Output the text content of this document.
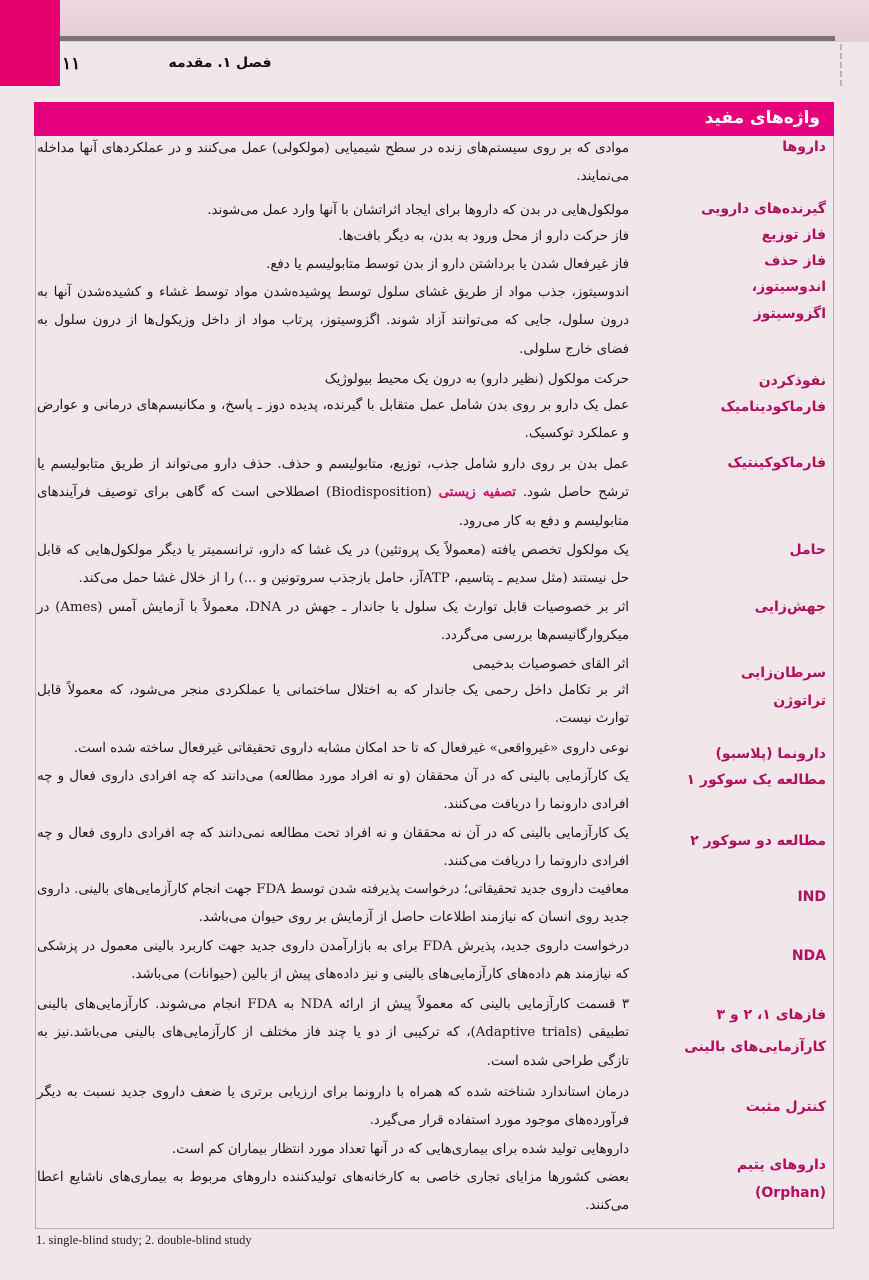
۱۱	فصل ۱. مقدمه
واژه‌های مفید
داروها
گیرنده‌های دارویی
فاز توزیع
فاز حذف
اندوسیتوز، اگزوسیتوز
نفوذکردن
فارماکودینامیک
فارماکوکینتیک
حامل
جهش‌زایی
سرطان‌زایی
تراتوژن
دارونما (پلاسبو)
مطالعه یک سوکور ۱
مطالعه دو سوکور ۲
IND
NDA
فازهای ۱، ۲ و ۳
کارآزمایی‌های بالینی
کنترل مثبت
داروهای یتیم
(Orphan)
موادی که بر روی سیستم‌های زنده در سطح شیمیایی (مولکولی) عمل می‌کنند و در عملکردهای آنها مداخله می‌نمایند.
مولکول‌هایی در بدن که داروها برای ایجاد اثراتشان با آنها وارد عمل می‌شوند.
فاز حرکت دارو از محل ورود به بدن، به دیگر بافت‌ها.
فاز غیرفعال شدن یا برداشتن دارو از بدن توسط متابولیسم یا دفع.
اندوسیتوز، جذب مواد از طریق غشای سلول توسط پوشیده‌شدن مواد توسط غشاء و کشیده‌شدن آنها به درون سلول، جایی که می‌توانند آزاد شوند. اگزوسیتوز، پرتاب مواد از داخل وزیکول‌ها از درون سلول به فضای خارج سلولی.
حرکت مولکول (نظیر دارو) به درون یک محیط بیولوژیک
عمل یک دارو بر روی بدن شامل عمل متقابل با گیرنده، پدیده دوز ـ پاسخ، و مکانیسم‌های درمانی و عوارض و عملکرد توکسیک.
عمل بدن بر روی دارو شامل جذب، توزیع، متابولیسم و حذف. حذف دارو می‌تواند از طریق متابولیسم یا ترشح حاصل شود. تصفیه زیستی (Biodisposition) اصطلاحی است که گاهی برای توصیف فرآیندهای متابولیسم و دفع به کار می‌رود.
یک مولکول تخصص یافته (معمولاً یک پروتئین) در یک غشا که دارو، ترانسمیتر یا دیگر مولکول‌هایی که قابل حل نیستند (مثل سدیم ـ پتاسیم، ATPآز، حامل بازجذب سروتونین و ...) را از خلال غشا حمل می‌کند.
اثر بر خصوصیات قابل توارث یک سلول یا جاندار ـ جهش در DNA، معمولاً با آزمایش آمس (Ames) در میکروارگانیسم‌ها بررسی می‌گردد.
اثر القای خصوصیات بدخیمی
اثر بر تکامل داخل رحمی یک جاندار که به اختلال ساختمانی یا عملکردی منجر می‌شود، که معمولاً قابل توارث نیست.
نوعی داروی «غیرواقعی» غیرفعال که تا حد امکان مشابه داروی تحقیقاتی غیرفعال ساخته شده است.
یک کارآزمایی بالینی که در آن محققان (و نه افراد مورد مطالعه) می‌دانند که چه افرادی داروی فعال و چه افرادی دارونما را دریافت می‌کنند.
یک کارآزمایی بالینی که در آن نه محققان و نه افراد تحت مطالعه نمی‌دانند که چه افرادی داروی فعال و چه افرادی دارونما را دریافت می‌کنند.
معافیت داروی جدید تحقیقاتی؛ درخواست پذیرفته شدن توسط FDA جهت انجام کارآزمایی‌های بالینی. داروی جدید روی انسان که نیازمند اطلاعات حاصل از آزمایش بر روی حیوان می‌باشد.
درخواست داروی جدید، پذیرش FDA برای به بازارآمدن داروی جدید جهت کاربرد بالینی معمول در پزشکی که نیازمند هم داده‌های کارآزمایی‌های بالینی و نیز داده‌های پیش از بالین (حیوانات) می‌باشد.
۳ قسمت کارآزمایی بالینی که معمولاً پیش از ارائه NDA به FDA انجام می‌شوند. کارآزمایی‌های بالینی تطبیقی (Adaptive trials)، که ترکیبی از دو یا چند فاز مختلف از کارآزمایی‌های بالینی می‌باشد.نیز به تازگی طراحی شده است.
درمان استاندارد شناخته شده که همراه با دارونما برای ارزیابی برتری یا ضعف داروی جدید نسبت به دیگر فرآورده‌های موجود مورد استفاده قرار می‌گیرد.
داروهایی تولید شده برای بیماری‌هایی که در آنها تعداد مورد انتظار بیماران کم است.
بعضی کشورها مزایای تجاری خاصی به کارخانه‌های تولیدکننده داروهای مربوط به بیماری‌های ناشایع اعطا می‌کنند.
1. single-blind study; 2. double-blind study
